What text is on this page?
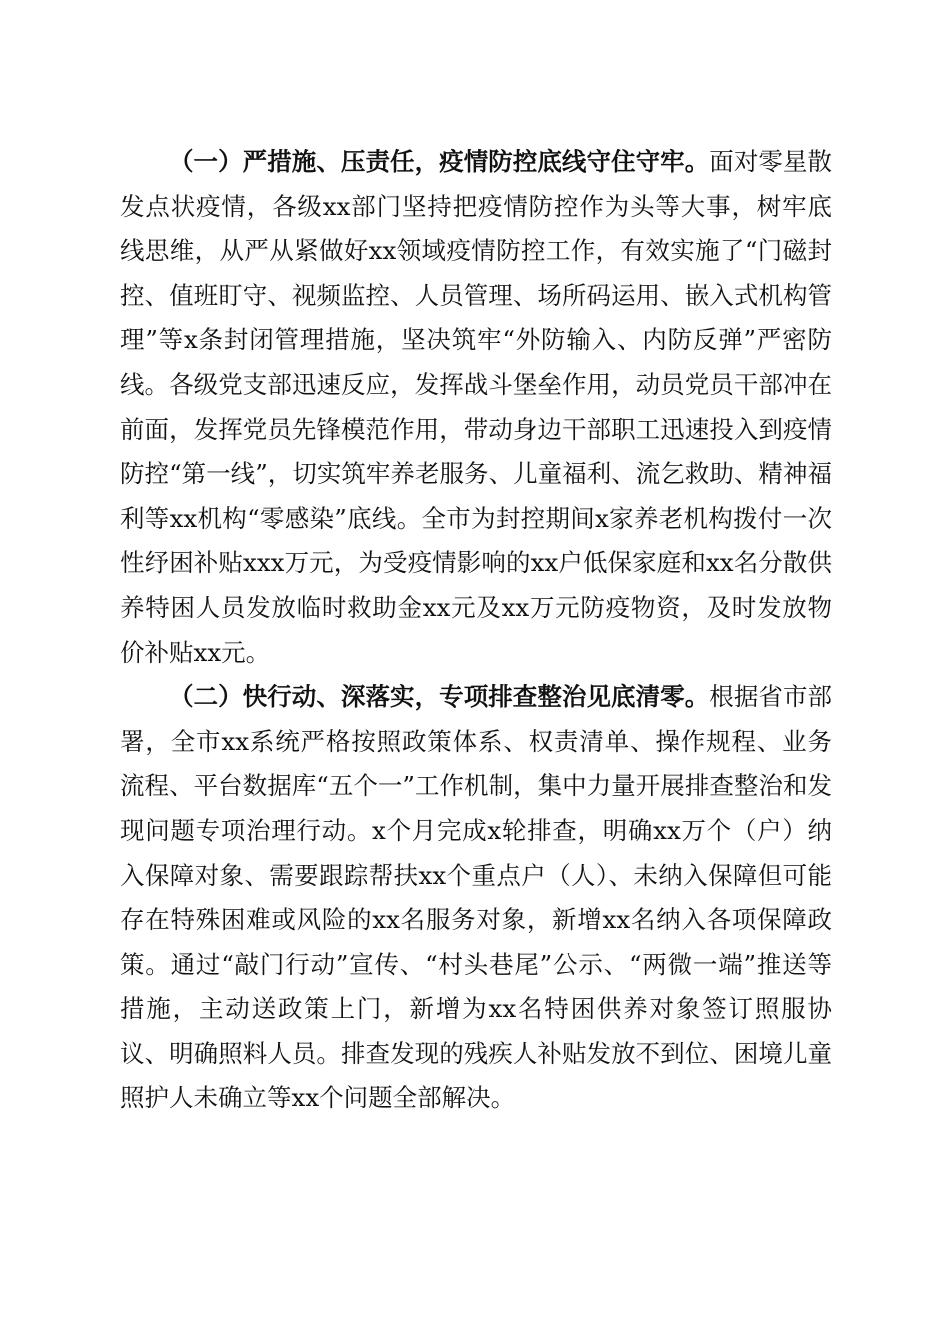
（一）严措施、压责任，疫情防控底线守住守牢。面对零星散发点状疫情，各级xx部门坚持把疫情防控作为头等大事，树牢底线思维，从严从紧做好xx领域疫情防控工作，有效实施了“门磁封控、值班盯守、视频监控、人员管理、场所码运用、嵌入式机构管理”等x条封闭管理措施，坚决筑牢“外防输入、内防反弹”严密防线。各级党支部迅速反应，发挥战斗堡垒作用，动员党员干部冲在前面，发挥党员先锋模范作用，带动身边干部职工迅速投入到疫情防控“第一线”，切实筑牢养老服务、儿童福利、流乞救助、精神福利等xx机构“零感染”底线。全市为封控期间x家养老机构拨付一次性纾困补贴xxx万元，为受疫情影响的xx户低保家庭和xx名分散供养特困人员发放临时救助金xx元及xx万元防疫物资，及时发放物价补贴xx元。

（二）快行动、深落实，专项排查整治见底清零。根据省市部署，全市xx系统严格按照政策体系、权责清单、操作规程、业务流程、平台数据库“五个一”工作机制，集中力量开展排查整治和发现问题专项治理行动。x个月完成x轮排查，明确xx万个（户）纳入保障对象、需要跟踪帮扶xx个重点户（人）、未纳入保障但可能存在特殊困难或风险的xx名服务对象，新增xx名纳入各项保障政策。通过“敲门行动”宣传、“村头巷尾”公示、“两微一端”推送等措施，主动送政策上门，新增为xx名特困供养对象签订照服协议、明确照料人员。排查发现的残疾人补贴发放不到位、困境儿童照护人未确立等xx个问题全部解决。
